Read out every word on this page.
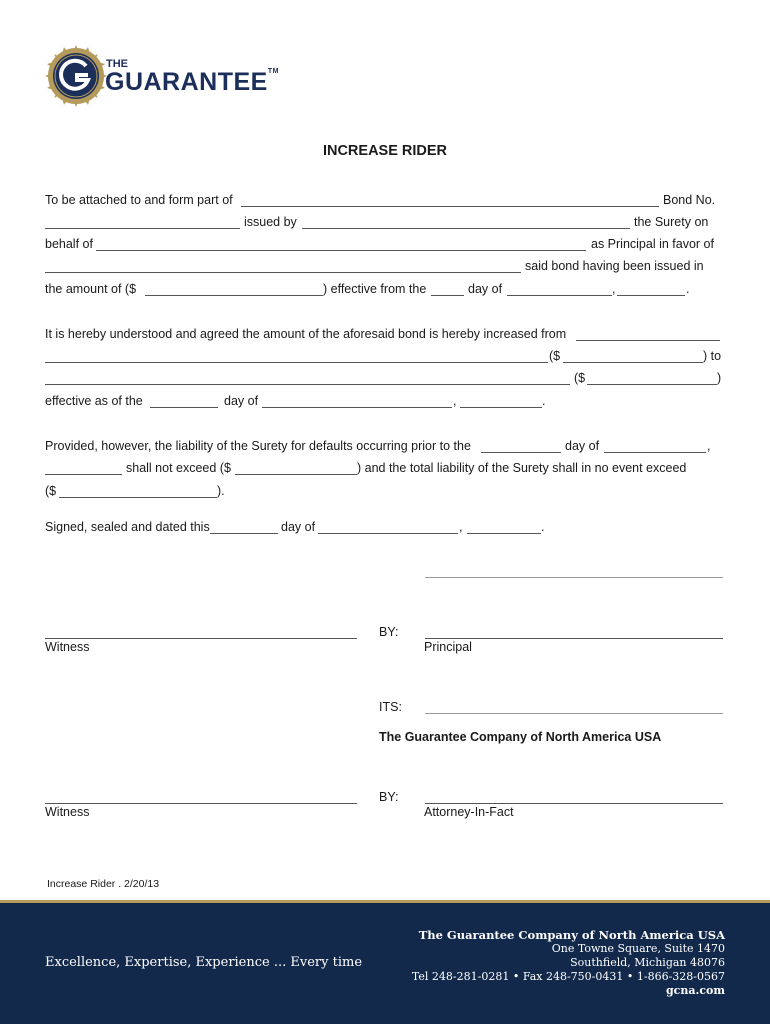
THE
GUARANTEE™
INCREASE RIDER
To be attached to and form part of	Bond No.
issued by	the Surety on
behalf of	as Principal in favor of
said bond having been issued in
the amount of ($	) effective from the	day of	,	.
It is hereby understood and agreed the amount of the aforesaid bond is hereby increased from
($	) to
($	)
effective as of the	day of	,	.
Provided, however, the liability of the Surety for defaults occurring prior to the	day of	,
shall not exceed ($	) and the total liability of the Surety shall in no event exceed
($	).
Signed, sealed and dated this	day of	,	.
Witness
BY:
Principal
ITS:
The Guarantee Company of North America USA
Witness
BY:
Attorney-In-Fact
Increase Rider . 2/20/13
Excellence, Expertise, Experience ... Every time
The Guarantee Company of North America USA
One Towne Square, Suite 1470
Southfield, Michigan 48076
Tel 248-281-0281 • Fax 248-750-0431 • 1-866-328-0567
gcna.com
